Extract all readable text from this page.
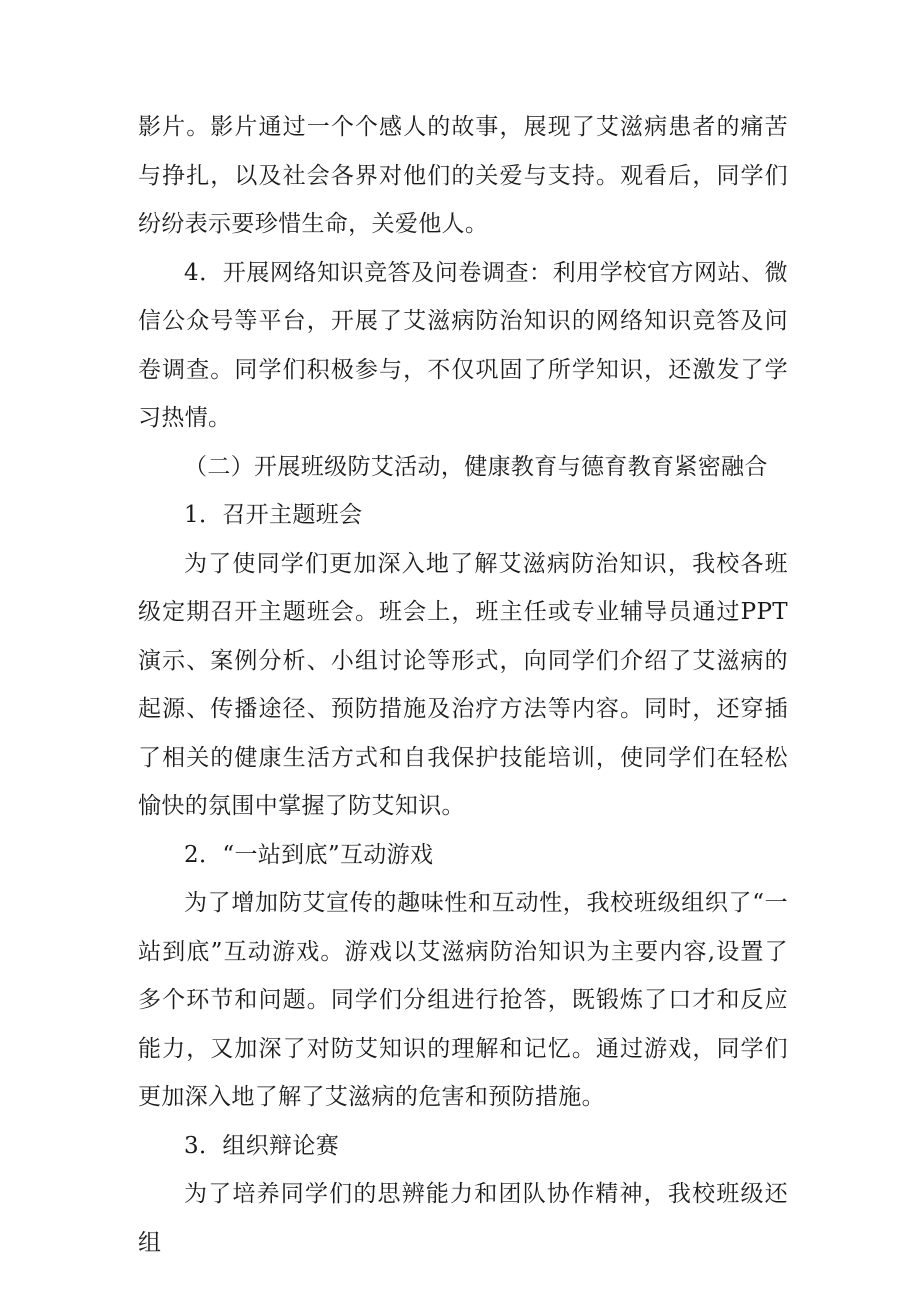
影片。影片通过一个个感人的故事，展现了艾滋病患者的痛苦与挣扎，以及社会各界对他们的关爱与支持。观看后，同学们纷纷表示要珍惜生命，关爱他人。

4．开展网络知识竞答及问卷调查：利用学校官方网站、微信公众号等平台，开展了艾滋病防治知识的网络知识竞答及问卷调查。同学们积极参与，不仅巩固了所学知识，还激发了学习热情。

（二）开展班级防艾活动，健康教育与德育教育紧密融合

1．召开主题班会

为了使同学们更加深入地了解艾滋病防治知识，我校各班级定期召开主题班会。班会上，班主任或专业辅导员通过PPT演示、案例分析、小组讨论等形式，向同学们介绍了艾滋病的起源、传播途径、预防措施及治疗方法等内容。同时，还穿插了相关的健康生活方式和自我保护技能培训，使同学们在轻松愉快的氛围中掌握了防艾知识。

2．“一站到底”互动游戏

为了增加防艾宣传的趣味性和互动性，我校班级组织了“一站到底”互动游戏。游戏以艾滋病防治知识为主要内容,设置了多个环节和问题。同学们分组进行抢答，既锻炼了口才和反应能力，又加深了对防艾知识的理解和记忆。通过游戏，同学们更加深入地了解了艾滋病的危害和预防措施。

3．组织辩论赛

为了培养同学们的思辨能力和团队协作精神，我校班级还组
